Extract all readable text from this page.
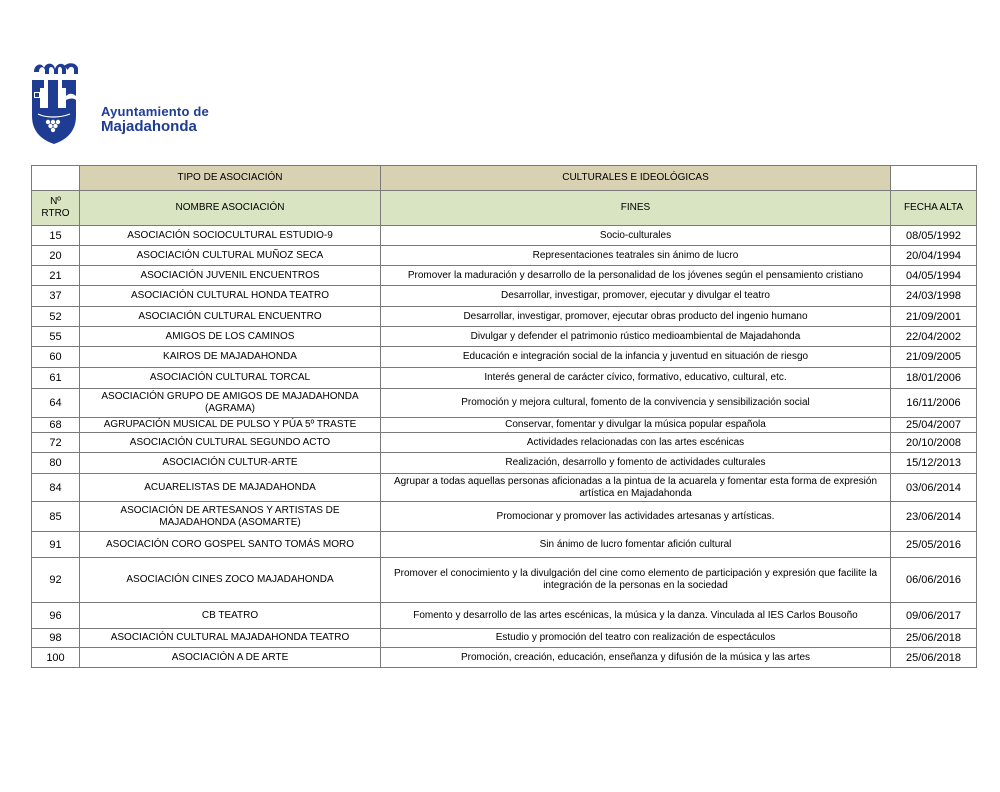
Ayuntamiento de
Majadahonda
	TIPO DE ASOCIACIÓN	CULTURALES E IDEOLÓGICAS	
Nº RTRO	NOMBRE ASOCIACIÓN	FINES	FECHA ALTA
15	ASOCIACIÓN SOCIOCULTURAL ESTUDIO-9	Socio-culturales	08/05/1992
20	ASOCIACIÓN CULTURAL MUÑOZ SECA	Representaciones teatrales sin ánimo de lucro	20/04/1994
21	ASOCIACIÓN JUVENIL ENCUENTROS	Promover la maduración y desarrollo de la personalidad de los jóvenes según el pensamiento cristiano	04/05/1994
37	ASOCIACIÓN CULTURAL HONDA TEATRO	Desarrollar, investigar, promover, ejecutar y divulgar el teatro	24/03/1998
52	ASOCIACIÓN CULTURAL ENCUENTRO	Desarrollar, investigar, promover, ejecutar obras producto del ingenio humano	21/09/2001
55	AMIGOS DE LOS CAMINOS	Divulgar y defender el patrimonio rústico medioambiental de Majadahonda	22/04/2002
60	KAIROS DE MAJADAHONDA	Educación e integración social de la infancia y juventud en situación de riesgo	21/09/2005
61	ASOCIACIÓN CULTURAL TORCAL	Interés general de carácter cívico, formativo, educativo, cultural, etc.	18/01/2006
64	ASOCIACIÓN GRUPO DE AMIGOS DE MAJADAHONDA (AGRAMA)	Promoción y mejora cultural, fomento de la convivencia y sensibilización social	16/11/2006
68	AGRUPACIÓN MUSICAL DE PULSO Y PÚA 5º TRASTE	Conservar, fomentar y divulgar la música popular española	25/04/2007
72	ASOCIACIÓN CULTURAL SEGUNDO ACTO	Actividades relacionadas con las artes escénicas	20/10/2008
80	ASOCIACIÓN CULTUR-ARTE	Realización, desarrollo y fomento de actividades culturales	15/12/2013
84	ACUARELISTAS DE MAJADAHONDA	Agrupar a todas aquellas personas aficionadas a la pintua de la acuarela y fomentar esta forma de expresión artística en Majadahonda	03/06/2014
85	ASOCIACIÓN DE ARTESANOS Y ARTISTAS DE MAJADAHONDA (ASOMARTE)	Promocionar y promover las actividades artesanas y artísticas.	23/06/2014
91	ASOCIACIÓN CORO GOSPEL SANTO TOMÁS MORO	Sin ánimo de lucro fomentar afición cultural	25/05/2016
92	ASOCIACIÓN CINES ZOCO MAJADAHONDA	Promover el conocimiento y la divulgación del cine como elemento de participación y expresión que facilite la integración de la personas en la sociedad	06/06/2016
96	CB TEATRO	Fomento y desarrollo de las artes escénicas, la música y la danza. Vinculada al IES Carlos Bousoño	09/06/2017
98	ASOCIACIÓN CULTURAL MAJADAHONDA TEATRO	Estudio y promoción del teatro con realización de espectáculos	25/06/2018
100	ASOCIACIÓN A DE ARTE	Promoción, creación, educación, enseñanza y difusión de la música y las artes	25/06/2018
